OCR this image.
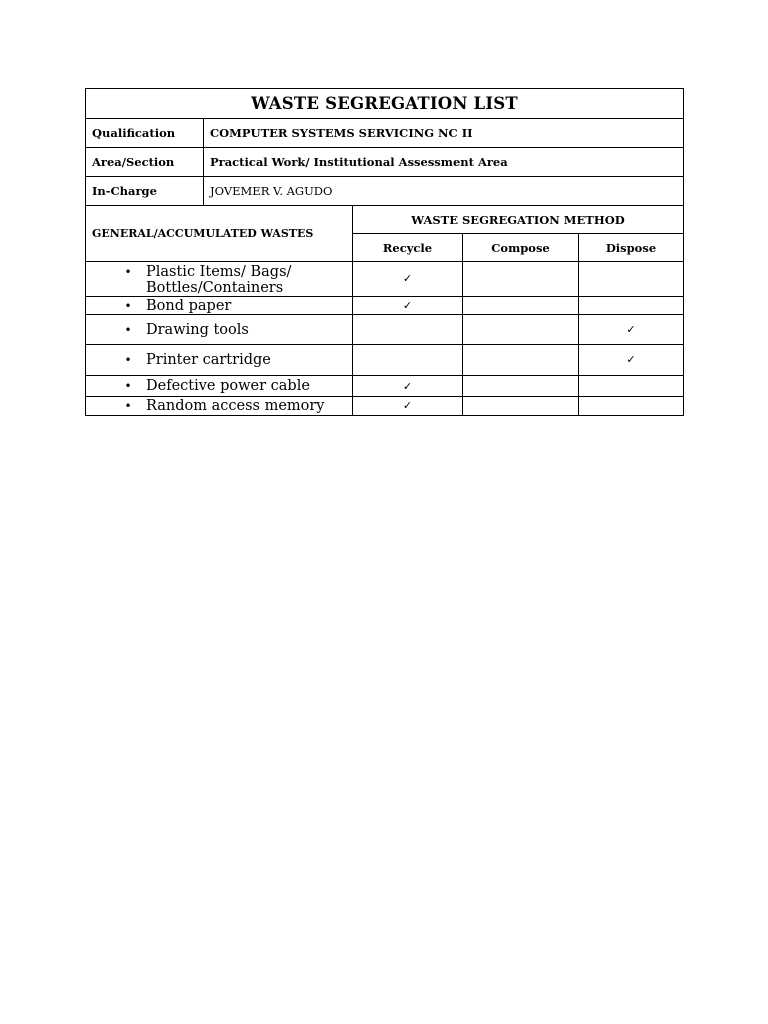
WASTE SEGREGATION LIST				
Qualification	COMPUTER SYSTEMS SERVICING NC II			
Area/Section	Practical Work/ Institutional Assessment Area			
In-Charge	JOVEMER V. AGUDO			
GENERAL/ACCUMULATED WASTES		WASTE SEGREGATION METHOD		
		Recycle	Compose	Dispose

• Plastic Items/ Bags/ Bottles/Containers		✓		

• Bond paper		✓		

• Drawing tools				✓

• Printer cartridge				✓

• Defective power cable		✓		

• Random access memory		✓		
